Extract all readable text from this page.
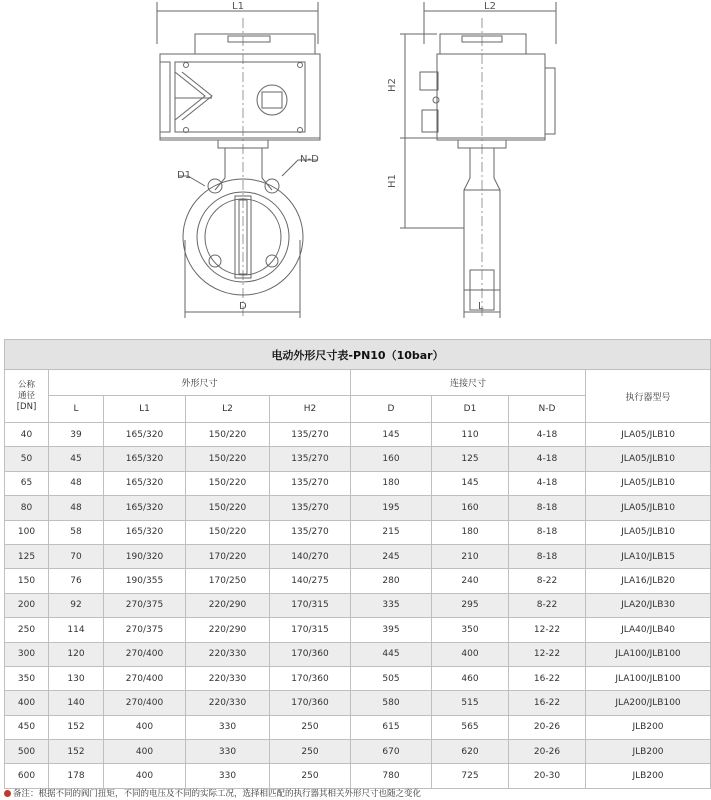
L1	L2
H2
H1
D
D1
N-D
L
电动外形尺寸表-PN10（10bar）								

公称
通径
[DN]	外形尺寸				连接尺寸			执行器型号
	L	L1	L2	H2	D	D1	N-D	
40	39	165/320	150/220	135/270	145	110	4-18	JLA05/JLB10
50	45	165/320	150/220	135/270	160	125	4-18	JLA05/JLB10
65	48	165/320	150/220	135/270	180	145	4-18	JLA05/JLB10
80	48	165/320	150/220	135/270	195	160	8-18	JLA05/JLB10
100	58	165/320	150/220	135/270	215	180	8-18	JLA05/JLB10
125	70	190/320	170/220	140/270	245	210	8-18	JLA10/JLB15
150	76	190/355	170/250	140/275	280	240	8-22	JLA16/JLB20
200	92	270/375	220/290	170/315	335	295	8-22	JLA20/JLB30
250	114	270/375	220/290	170/315	395	350	12-22	JLA40/JLB40
300	120	270/400	220/330	170/360	445	400	12-22	JLA100/JLB100
350	130	270/400	220/330	170/360	505	460	16-22	JLA100/JLB100
400	140	270/400	220/330	170/360	580	515	16-22	JLA200/JLB100
450	152	400	330	250	615	565	20-26	JLB200
500	152	400	330	250	670	620	20-26	JLB200
600	178	400	330	250	780	725	20-30	JLB200
备注：根据不同的阀门扭矩，不同的电压及不同的实际工况，选择相匹配的执行器其相关外形尺寸也随之变化
